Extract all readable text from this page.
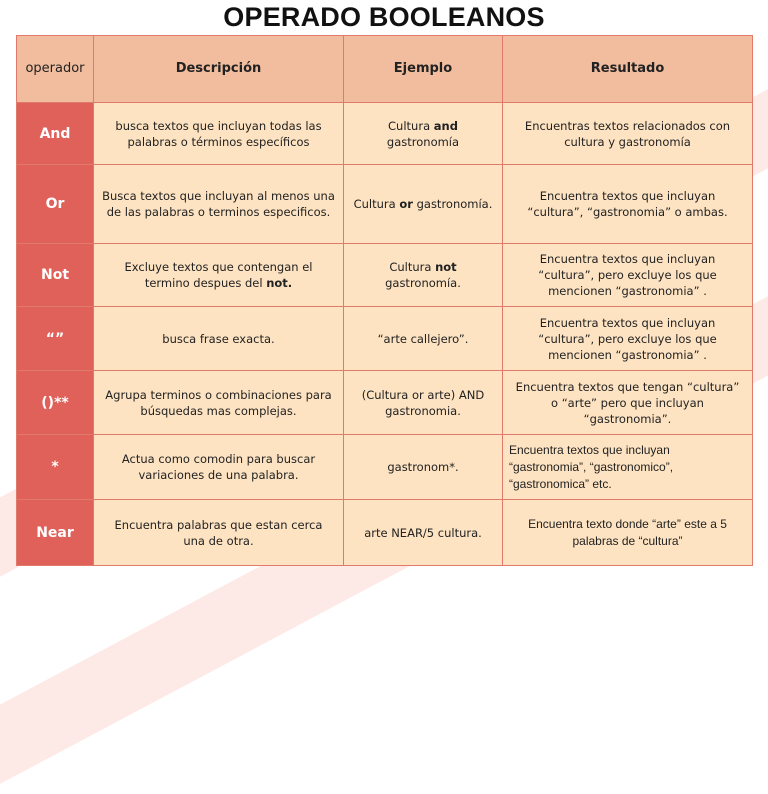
OPERADO BOOLEANOS
operador	Descripción	Ejemplo	Resultado
And	busca textos que incluyan todas las palabras o términos específicos	Cultura and gastronomía	Encuentras textos relacionados con cultura y gastronomía
Or	Busca textos que incluyan al menos una de las palabras o terminos especificos.	Cultura or gastronomía.	Encuentra textos que incluyan “cultura”, “gastronomia” o ambas.
Not	Excluye textos que contengan el termino despues del not.	Cultura not gastronomía.	Encuentra textos que incluyan “cultura”, pero excluye los que mencionen “gastronomia” .
“”	busca frase exacta.	“arte callejero”.	Encuentra textos que incluyan “cultura”, pero excluye los que mencionen “gastronomia” .
()**	Agrupa terminos o combinaciones para búsquedas mas complejas.	(Cultura or arte) AND gastronomia.	Encuentra textos que tengan “cultura” o “arte” pero que incluyan “gastronomia”.
*	Actua como comodin para buscar variaciones de una palabra.	gastronom*.	Encuentra textos que incluyan “gastronomia”, “gastronomico”, “gastronomica” etc.
Near	Encuentra palabras que estan cerca una de otra.	arte NEAR/5 cultura.	Encuentra texto donde “arte” este a 5 palabras de “cultura”
